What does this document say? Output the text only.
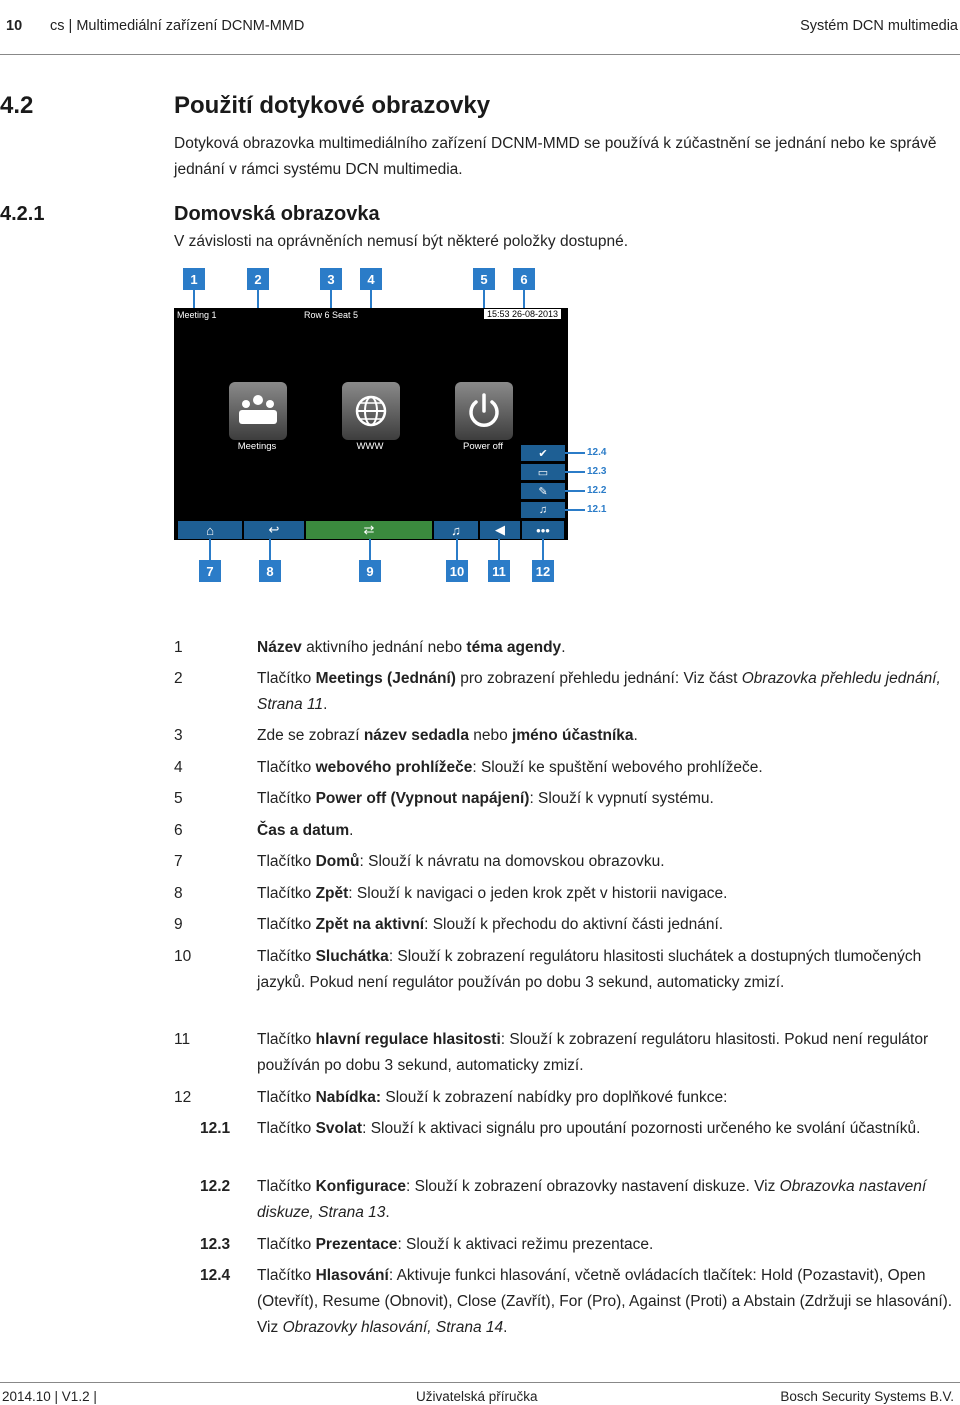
10 cs | Multimediální zařízení DCNM-MMD	Systém DCN multimedia
4.2	Použití dotykové obrazovky
Dotyková obrazovka multimediálního zařízení DCNM-MMD se používá k zúčastnění se jednání nebo ke správě jednání v rámci systému DCN multimedia.
4.2.1	Domovská obrazovka
V závislosti na oprávněních nemusí být některé položky dostupné.
1	2	3	4	5	6
Meeting 1	Row 6 Seat 5	15:53 26-08-2013
Meetings	WWW	Power off
✔
▭
✎
♫
12.4
12.3
12.2
12.1
⌂	↩	⇄	♫	◀ •••
7	8	9	10	11	12
1	Název aktivního jednání nebo téma agendy.
2	Tlačítko Meetings (Jednání) pro zobrazení přehledu jednání: Viz část Obrazovka přehledu jednání, Strana 11.
3	Zde se zobrazí název sedadla nebo jméno účastníka.
4	Tlačítko webového prohlížeče: Slouží ke spuštění webového prohlížeče.
5	Tlačítko Power off (Vypnout napájení): Slouží k vypnutí systému.
6	Čas a datum.
7	Tlačítko Domů: Slouží k návratu na domovskou obrazovku.
8	Tlačítko Zpět: Slouží k navigaci o jeden krok zpět v historii navigace.
9	Tlačítko Zpět na aktivní: Slouží k přechodu do aktivní části jednání.
10	Tlačítko Sluchátka: Slouží k zobrazení regulátoru hlasitosti sluchátek a dostupných tlumočených jazyků. Pokud není regulátor používán po dobu 3 sekund, automaticky zmizí.
11	Tlačítko hlavní regulace hlasitosti: Slouží k zobrazení regulátoru hlasitosti. Pokud není regulátor používán po dobu 3 sekund, automaticky zmizí.
12	Tlačítko Nabídka: Slouží k zobrazení nabídky pro doplňkové funkce:
12.1 Tlačítko Svolat: Slouží k aktivaci signálu pro upoutání pozornosti určeného ke svolání účastníků.
12.2 Tlačítko Konfigurace: Slouží k zobrazení obrazovky nastavení diskuze. Viz Obrazovka nastavení diskuze, Strana 13.
12.3 Tlačítko Prezentace: Slouží k aktivaci režimu prezentace.
12.4 Tlačítko Hlasování: Aktivuje funkci hlasování, včetně ovládacích tlačítek: Hold (Pozastavit), Open (Otevřít), Resume (Obnovit), Close (Zavřít), For (Pro), Against (Proti) a Abstain (Zdržuji se hlasování). Viz Obrazovky hlasování, Strana 14.
2014.10 | V1.2 |	Uživatelská příručka	Bosch Security Systems B.V.
